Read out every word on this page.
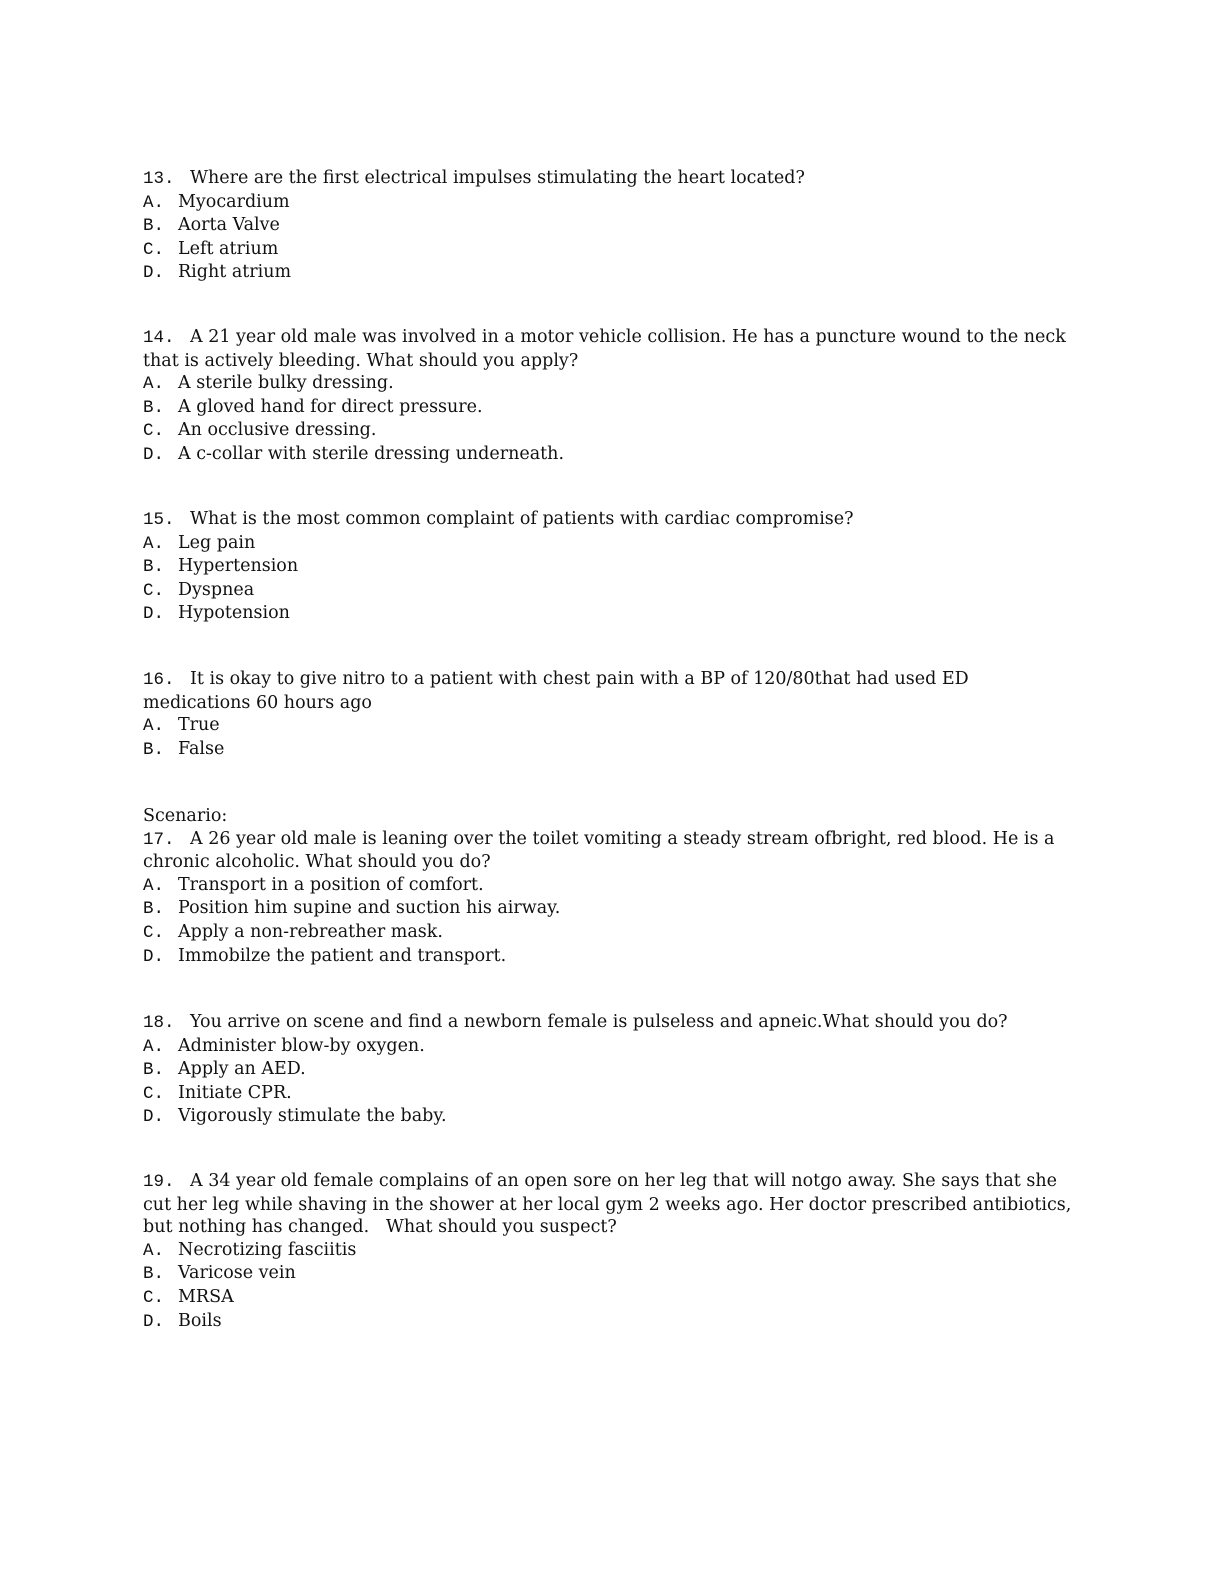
13. Where are the first electrical impulses stimulating the heart located?

A. Myocardium

B. Aorta Valve

C. Left atrium

D. Right atrium

14. A 21 year old male was involved in a motor vehicle collision. He has a puncture wound to the neck that is actively bleeding. What should you apply?

A. A sterile bulky dressing.

B. A gloved hand for direct pressure.

C. An occlusive dressing.

D. A c-collar with sterile dressing underneath.

15. What is the most common complaint of patients with cardiac compromise?

A. Leg pain

B. Hypertension

C. Dyspnea

D. Hypotension

16. It is okay to give nitro to a patient with chest pain with a BP of 120/80that had used ED medications 60 hours ago

A. True

B. False

Scenario:

17. A 26 year old male is leaning over the toilet vomiting a steady stream ofbright, red blood. He is a chronic alcoholic. What should you do?

A. Transport in a position of comfort.

B. Position him supine and suction his airway.

C. Apply a non-rebreather mask.

D. Immobilze the patient and transport.

18. You arrive on scene and find a newborn female is pulseless and apneic.What should you do?

A. Administer blow-by oxygen.

B. Apply an AED.

C. Initiate CPR.

D. Vigorously stimulate the baby.

19. A 34 year old female complains of an open sore on her leg that will notgo away. She says that she cut her leg while shaving in the shower at her local gym 2 weeks ago. Her doctor prescribed antibiotics, but nothing has changed.   What should you suspect?

A. Necrotizing fasciitis

B. Varicose vein

C. MRSA

D. Boils
